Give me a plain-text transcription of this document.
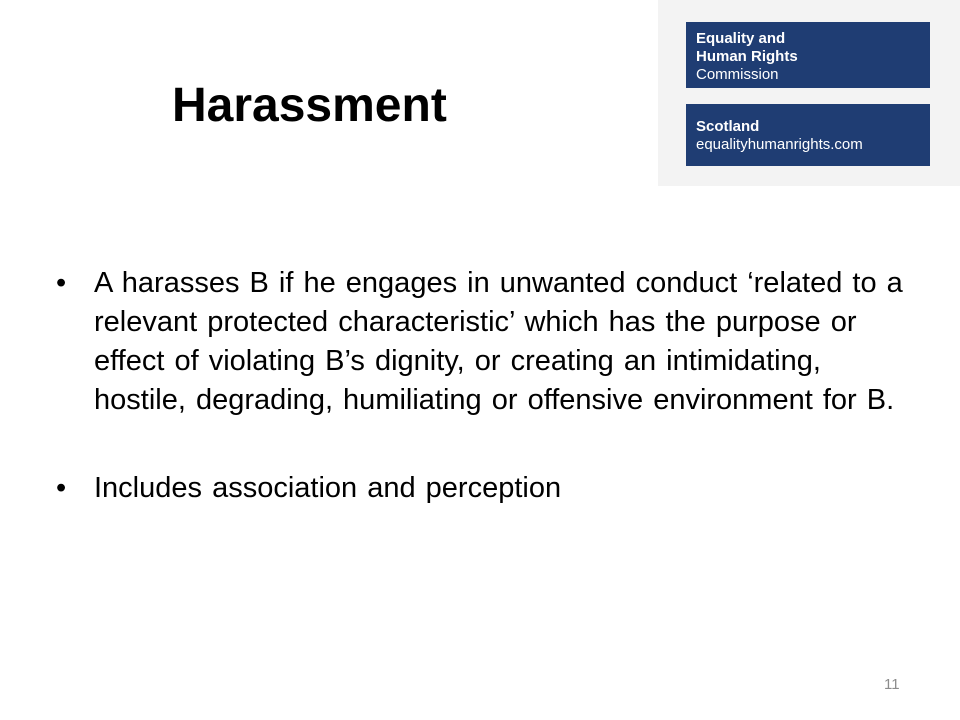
Equality and
Human Rights
Commission
Scotland
equalityhumanrights.com
Harassment
• A harasses B if he engages in unwanted conduct ‘related to a relevant protected characteristic’ which has the purpose or effect of violating B’s dignity, or creating an intimidating, hostile, degrading, humiliating or offensive environment for B.
• Includes association and perception
11
